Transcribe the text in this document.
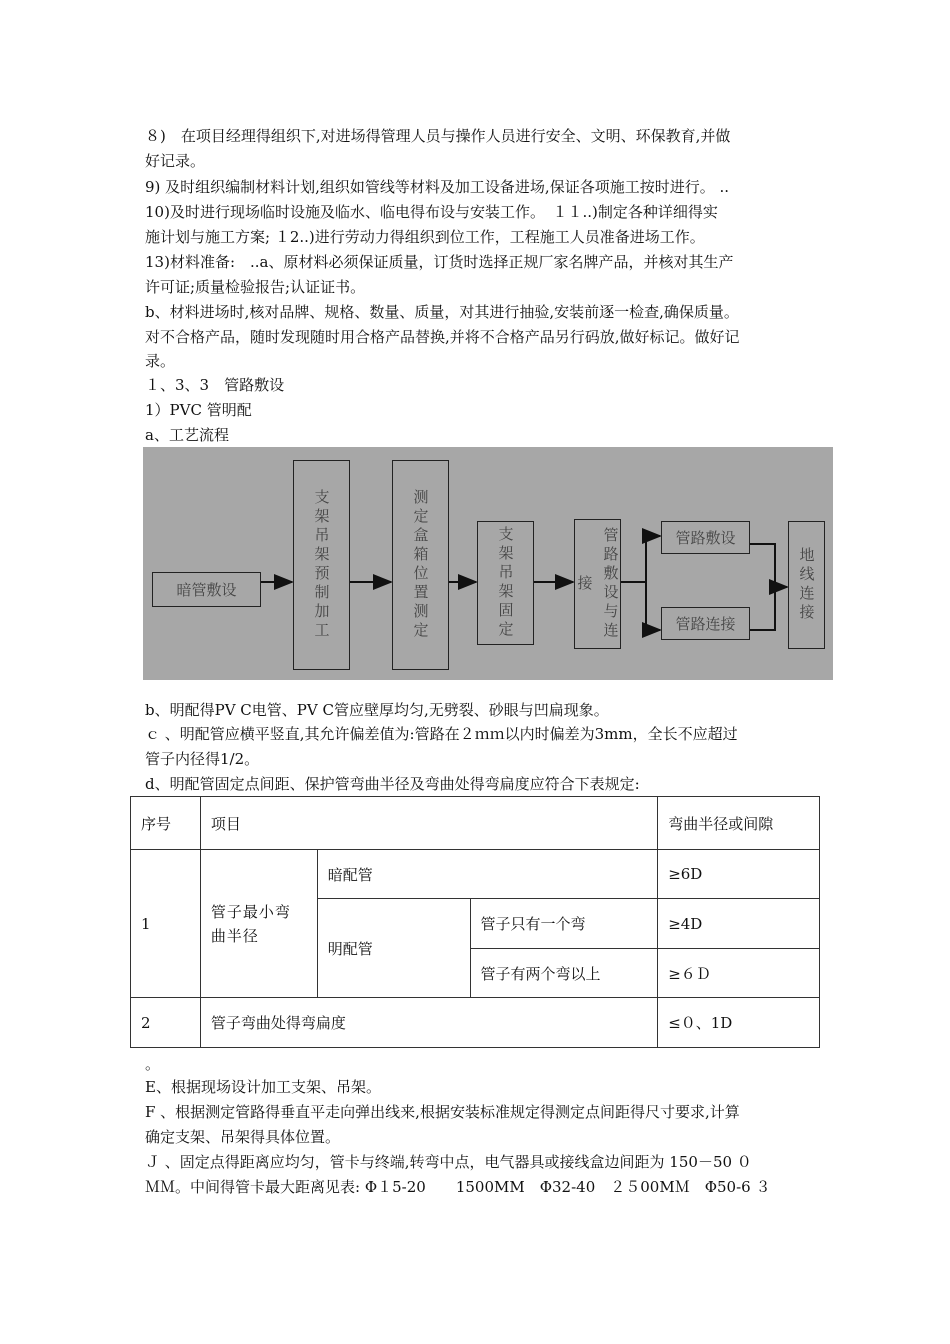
８)　在项目经理得组织下,对进场得管理人员与操作人员进行安全、文明、环保教育,并做
好记录。
9) 及时组织编制材料计划,组织如管线等材料及加工设备进场,保证各项施工按时进行。 ..
10)及时进行现场临时设施及临水、临电得布设与安装工作。　１１..)制定各种详细得实
施计划与施工方案; １2..)进行劳动力得组织到位工作，工程施工人员准备进场工作。
13)材料准备:　..a、原材料必须保证质量，订货时选择正规厂家名牌产品，并核对其生产
许可证;质量检验报告;认证证书。
b、材料进场时,核对品牌、规格、数量、质量，对其进行抽验,安装前逐一检查,确保质量。
对不合格产品，随时发现随时用合格产品替换,并将不合格产品另行码放,做好标记。做好记
录。
１、3、3　管路敷设
1）PVC 管明配
a、工艺流程
暗管敷设	支架吊架预制加工	测定盒箱位置测定	支架吊架固定	管路敷设与连接
管路敷设
管路连接
地线连接
b、明配得PV C电管、PV C管应壁厚均匀,无劈裂、砂眼与凹扁现象。
ｃ 、明配管应横平竖直,其允许偏差值为:管路在２ｍｍ以内时偏差为3mm，全长不应超过
管子内径得1/2。
d、明配管固定点间距、保护管弯曲半径及弯曲处得弯扁度应符合下表规定:
序号	项目			弯曲半径或间隙
1	管子最小弯曲半径	暗配管		≥6D
		明配管	管子只有一个弯	≥4D
			管子有两个弯以上	≥６Ｄ
2	管子弯曲处得弯扁度			≤０、1D
。
E、根据现场设计加工支架、吊架。
F 、根据测定管路得垂直平走向弹出线来,根据安装标准规定得测定点间距得尺寸要求,计算
确定支架、吊架得具体位置。
Ｊ 、固定点得距离应均匀，管卡与终端,转弯中点，电气器具或接线盒边间距为 150－50 ０
ＭＭ。中间得管卡最大距离见表: Φ１5-20　　1500MM　Φ32-40　２５00MＭ　Φ50-6 ３
